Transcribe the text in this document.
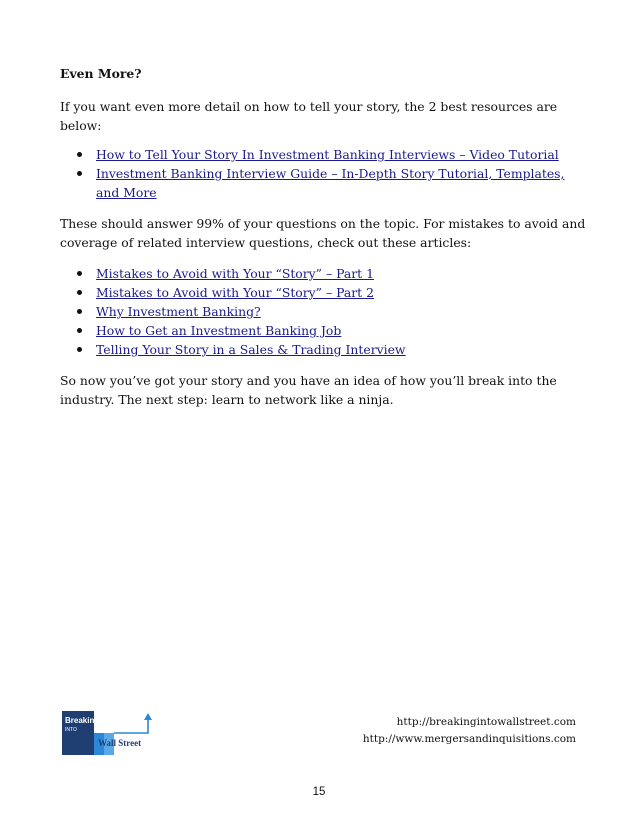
Even More?

If you want even more detail on how to tell your story, the 2 best resources are below:

How to Tell Your Story In Investment Banking Interviews – Video Tutorial
Investment Banking Interview Guide – In-Depth Story Tutorial, Templates, and More

These should answer 99% of your questions on the topic. For mistakes to avoid and coverage of related interview questions, check out these articles:

Mistakes to Avoid with Your “Story” – Part 1
Mistakes to Avoid with Your “Story” – Part 2
Why Investment Banking?
How to Get an Investment Banking Job
Telling Your Story in a Sales & Trading Interview

So now you’ve got your story and you have an idea of how you’ll break into the industry. The next step: learn to network like a ninja.

Breaking
INTO
Wall Street
http://breakingintowallstreet.com
http://www.mergersandinquisitions.com
15
